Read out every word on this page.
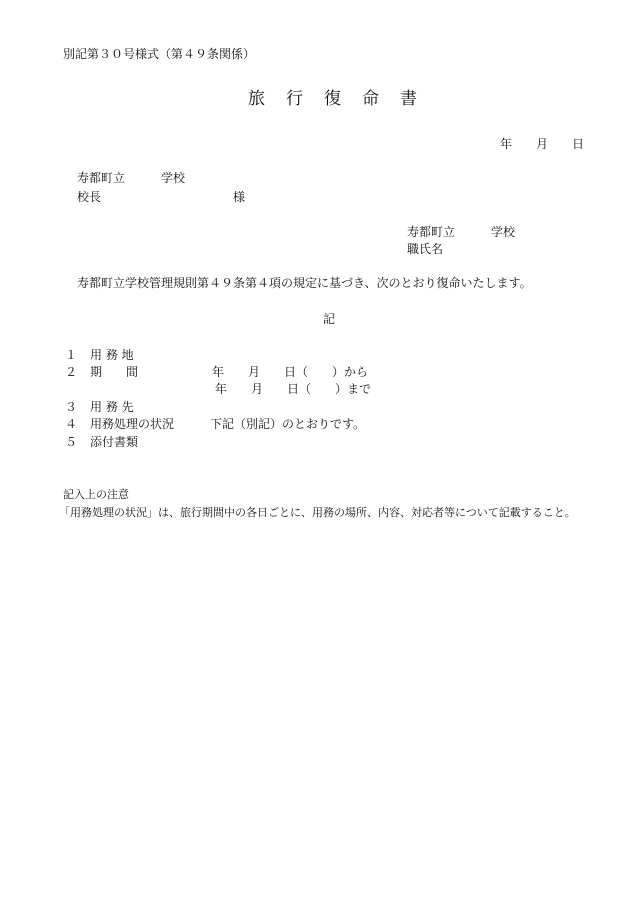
別記第３０号様式（第４９条関係）
旅　行　復　命　書
年　　月　　日
寿都町立　　　学校
校長　　　　　　　　　　　様
寿都町立　　　学校
職氏名
寿都町立学校管理規則第４９条第４項の規定に基づき、次のとおり復命いたします。
記
１ 用 務 地
２ 期　　間	年　　月　　日（　　）から
年　　月　　日（　　）まで
３ 用 務 先
４ 用務処理の状況	下記（別記）のとおりです。
５ 添付書類
記入上の注意
「用務処理の状況」は、旅行期間中の各日ごとに、用務の場所、内容、対応者等について記載すること。
